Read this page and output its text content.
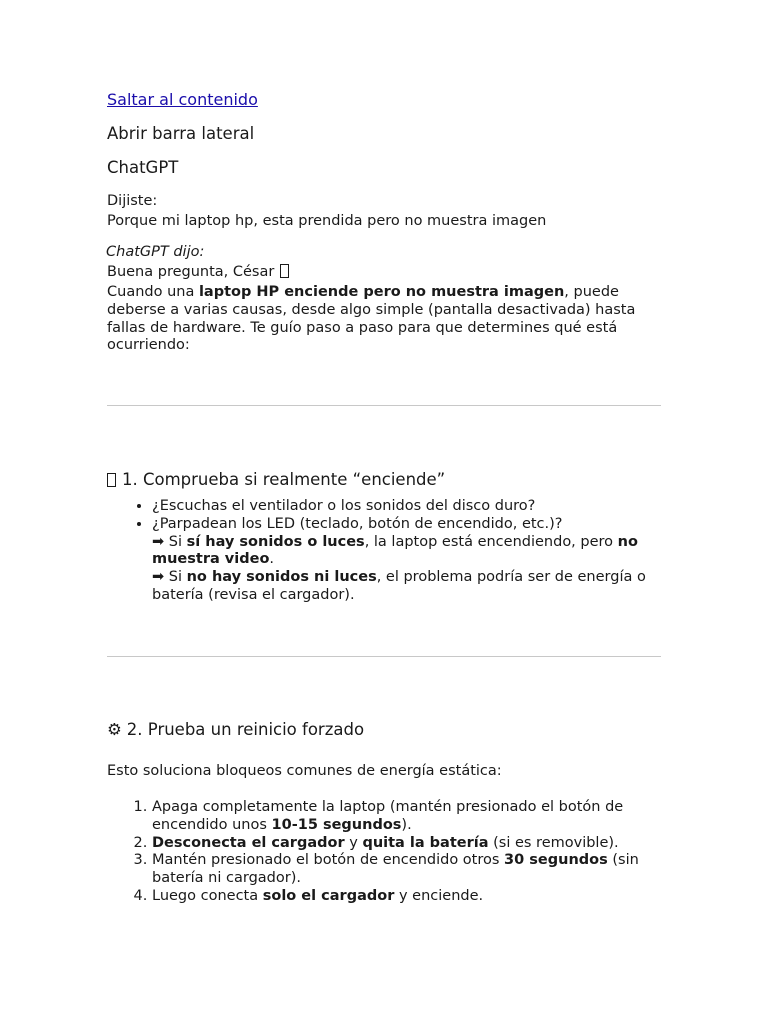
Saltar al contenido
Abrir barra lateral
ChatGPT
Dijiste:
Porque mi laptop hp, esta prendida pero no muestra imagen
ChatGPT dijo:
Buena pregunta, César
Cuando una laptop HP enciende pero no muestra imagen, puede deberse a varias causas, desde algo simple (pantalla desactivada) hasta fallas de hardware. Te guío paso a paso para que determines qué está ocurriendo:
1. Comprueba si realmente “enciende”
• ¿Escuchas el ventilador o los sonidos del disco duro?
• ¿Parpadean los LED (teclado, botón de encendido, etc.)?
➡ Si sí hay sonidos o luces, la laptop está encendiendo, pero no muestra video.
➡ Si no hay sonidos ni luces, el problema podría ser de energía o batería (revisa el cargador).
⚙ 2. Prueba un reinicio forzado
Esto soluciona bloqueos comunes de energía estática:
1. Apaga completamente la laptop (mantén presionado el botón de encendido unos 10-15 segundos).
2. Desconecta el cargador y quita la batería (si es removible).
3. Mantén presionado el botón de encendido otros 30 segundos (sin batería ni cargador).
4. Luego conecta solo el cargador y enciende.
